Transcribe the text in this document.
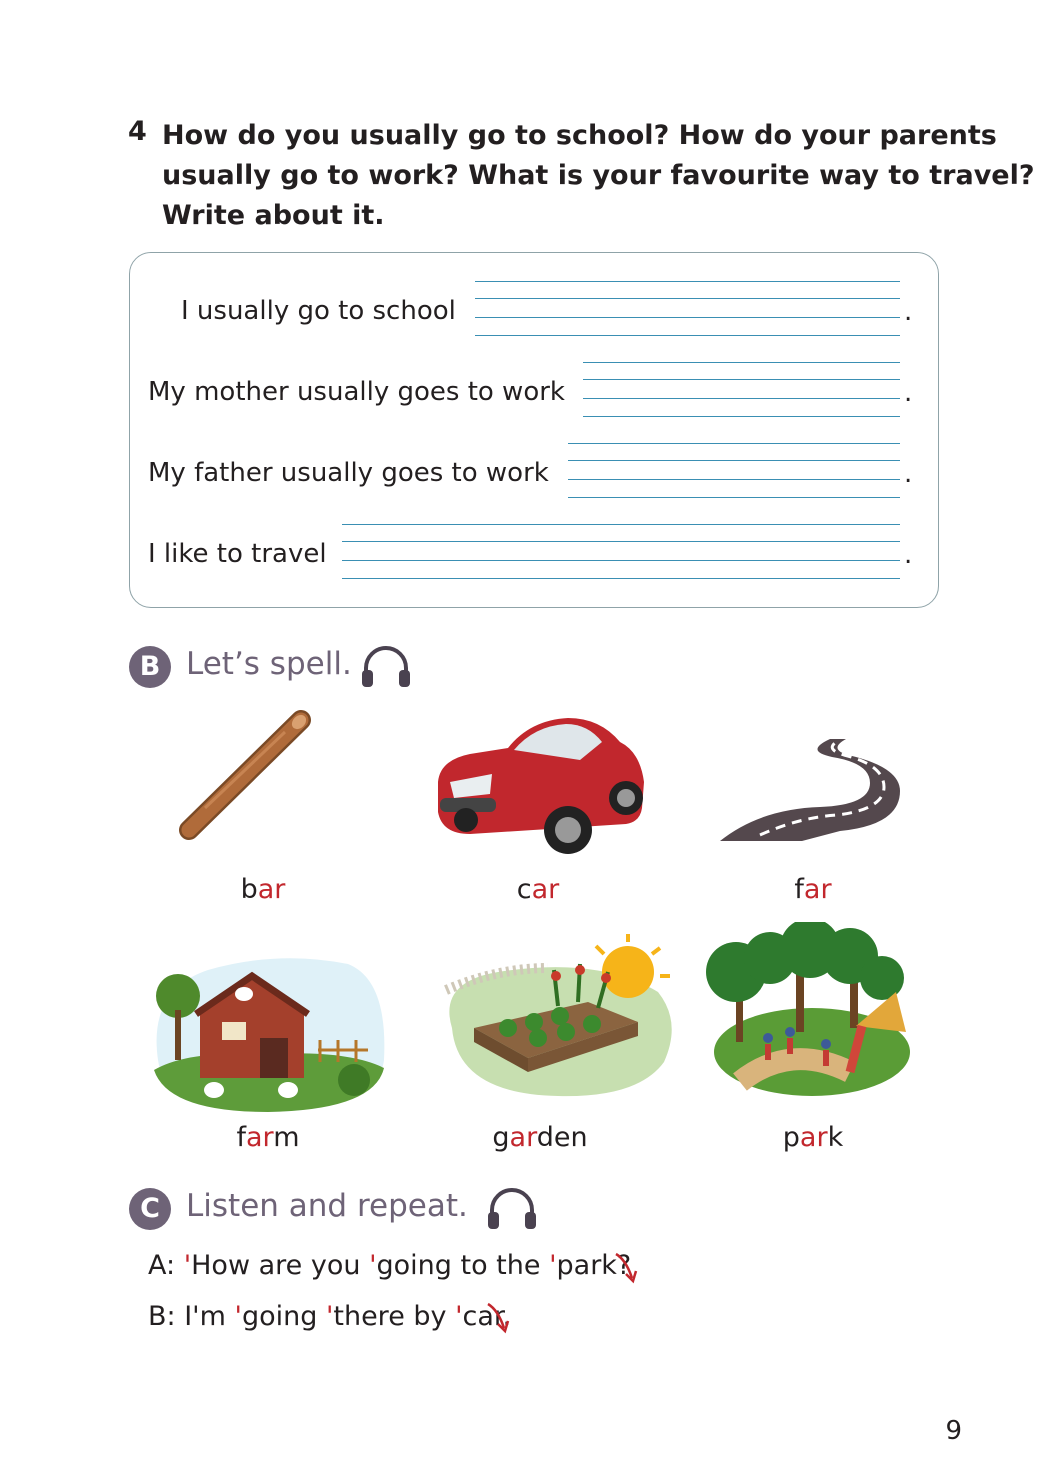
4 How do you usually go to school? How do your parents
usually go to work? What is your favourite way to travel?
Write about it.
I usually go to school	.
My mother usually goes to work	.
My father usually goes to work	.
I like to travel	.
B Let’s spell.
bar	car	far
farm	garden	park
C Listen and repeat.
A: 'How are you 'going to the 'park?
B: I'm 'going 'there by 'car.
9
